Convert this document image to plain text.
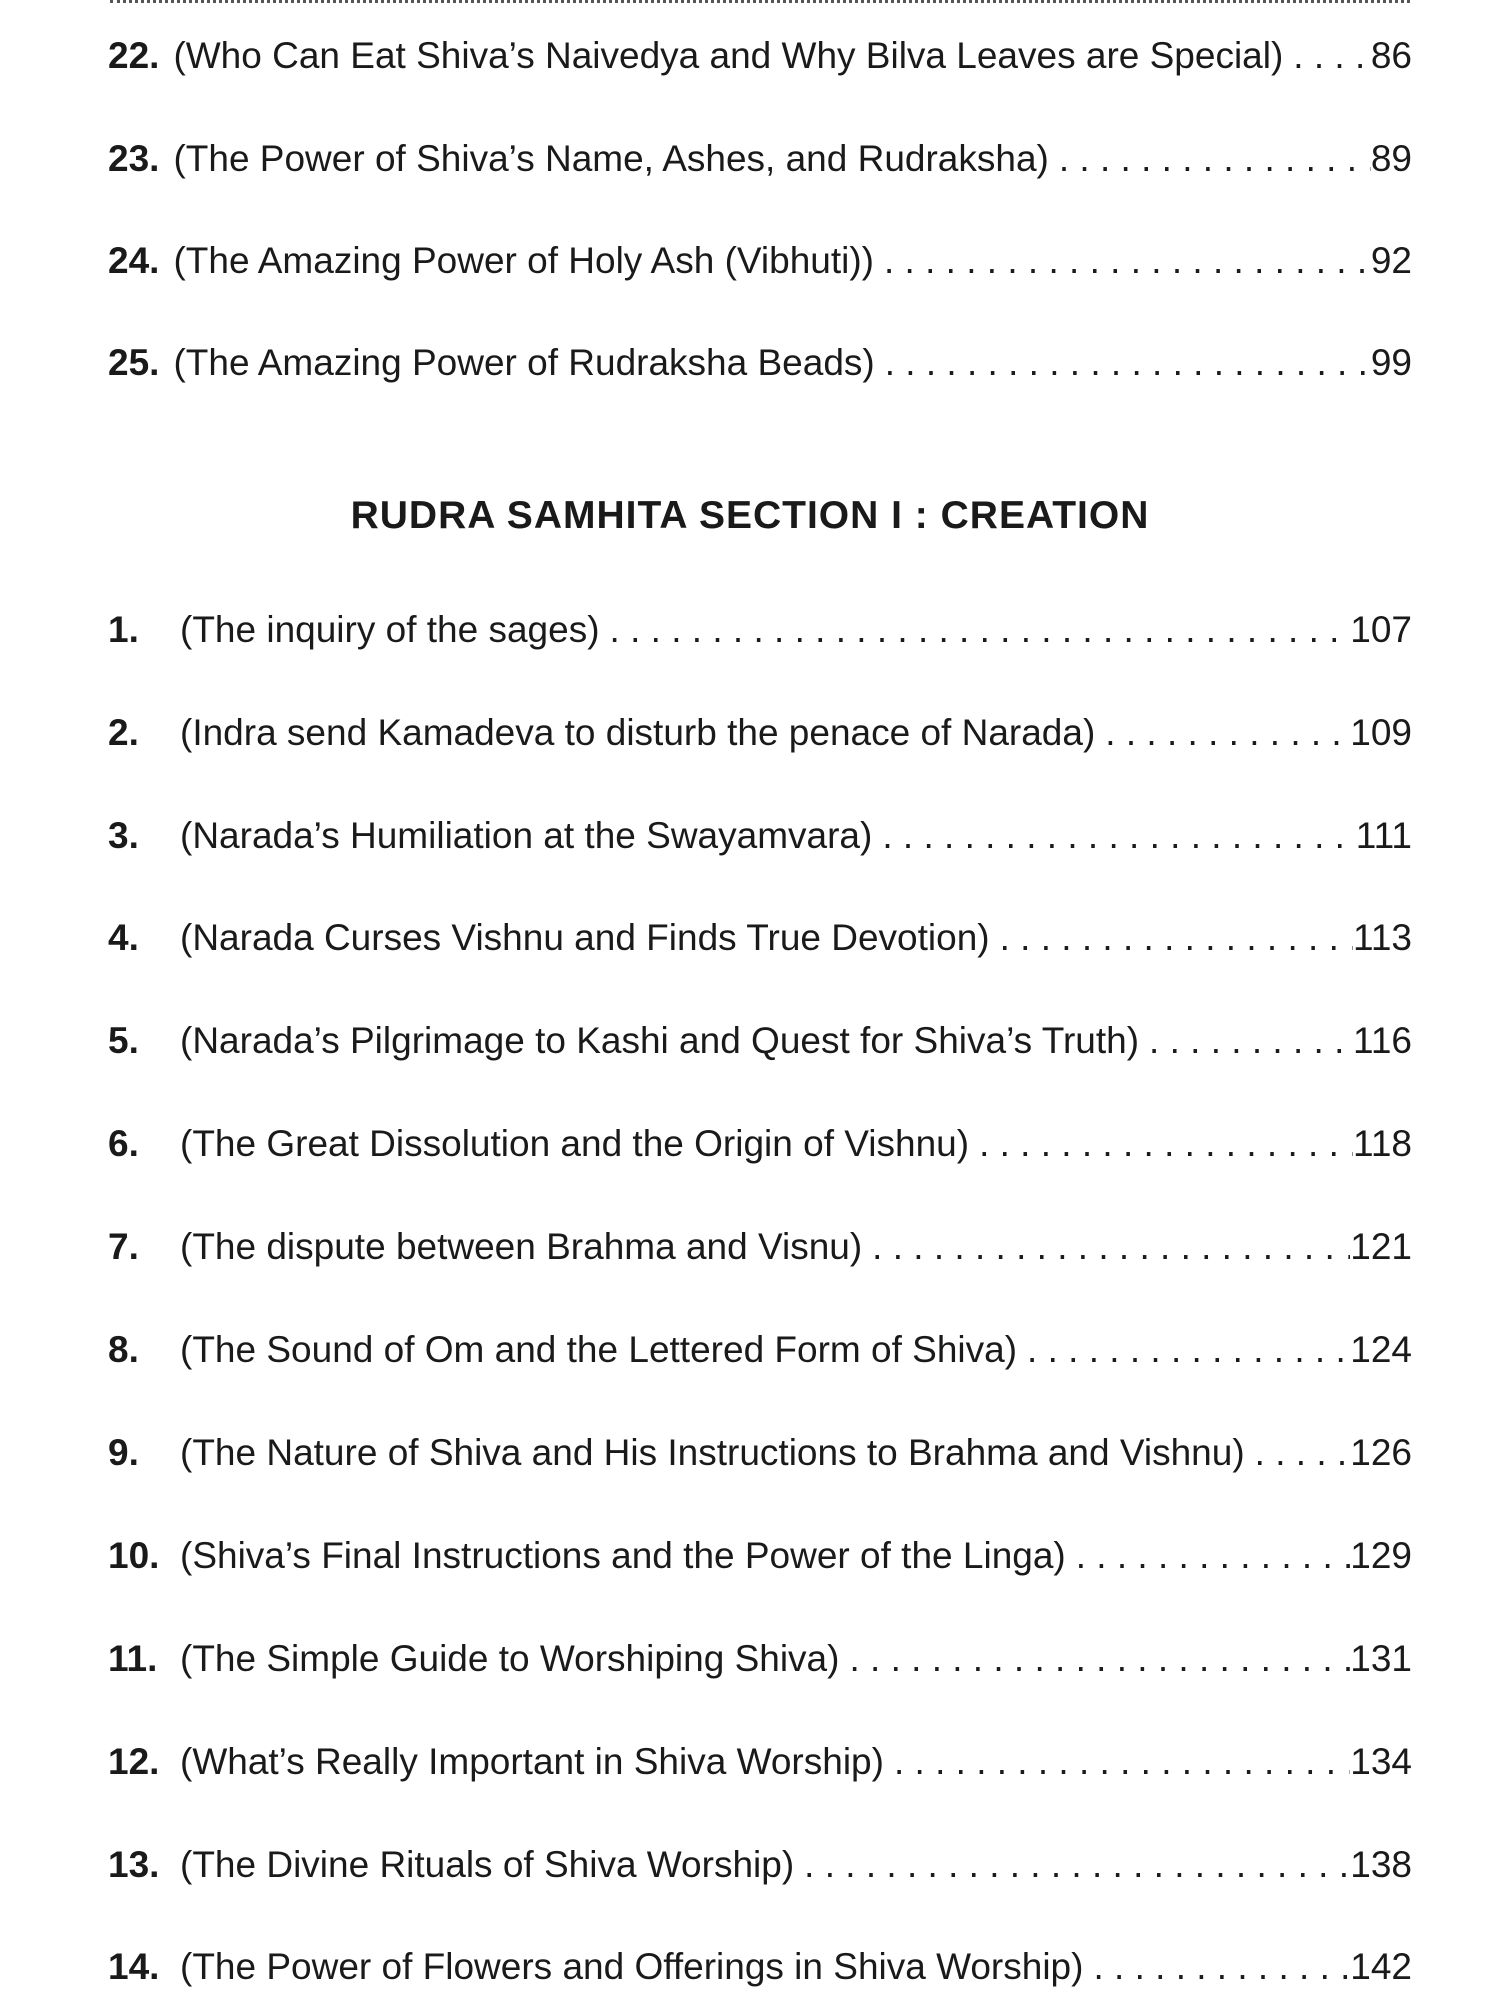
22. (Who Can Eat Shiva’s Naivedya and Why Bilva Leaves are Special) . . . 86
23. (The Power of Shiva’s Name, Ashes, and Rudraksha) . . .	89
24. (The Amazing Power of Holy Ash (Vibhuti)) . . .	92
25. (The Amazing Power of Rudraksha Beads) . . .	99
RUDRA SAMHITA SECTION I : CREATION
1.	(The inquiry of the sages) . . .	107
2.	(Indra send Kamadeva to disturb the penace of Narada) . . .	109
3.	(Narada’s Humiliation at the Swayamvara) . . .	111
4.	(Narada Curses Vishnu and Finds True Devotion) . . .	113
5.	(Narada’s Pilgrimage to Kashi and Quest for Shiva’s Truth) . . .	116
6.	(The Great Dissolution and the Origin of Vishnu) . . .	118
7.	(The dispute between Brahma and Visnu) . . .	121
8.	(The Sound of Om and the Lettered Form of Shiva) . . .	124
9.	(The Nature of Shiva and His Instructions to Brahma and Vishnu) . . .	126
10. (Shiva’s Final Instructions and the Power of the Linga) . . .	129
11. (The Simple Guide to Worshiping Shiva) . . .	131
12. (What’s Really Important in Shiva Worship) . . .	134
13. (The Divine Rituals of Shiva Worship) . . .	138
14. (The Power of Flowers and Offerings in Shiva Worship) . . .	142
